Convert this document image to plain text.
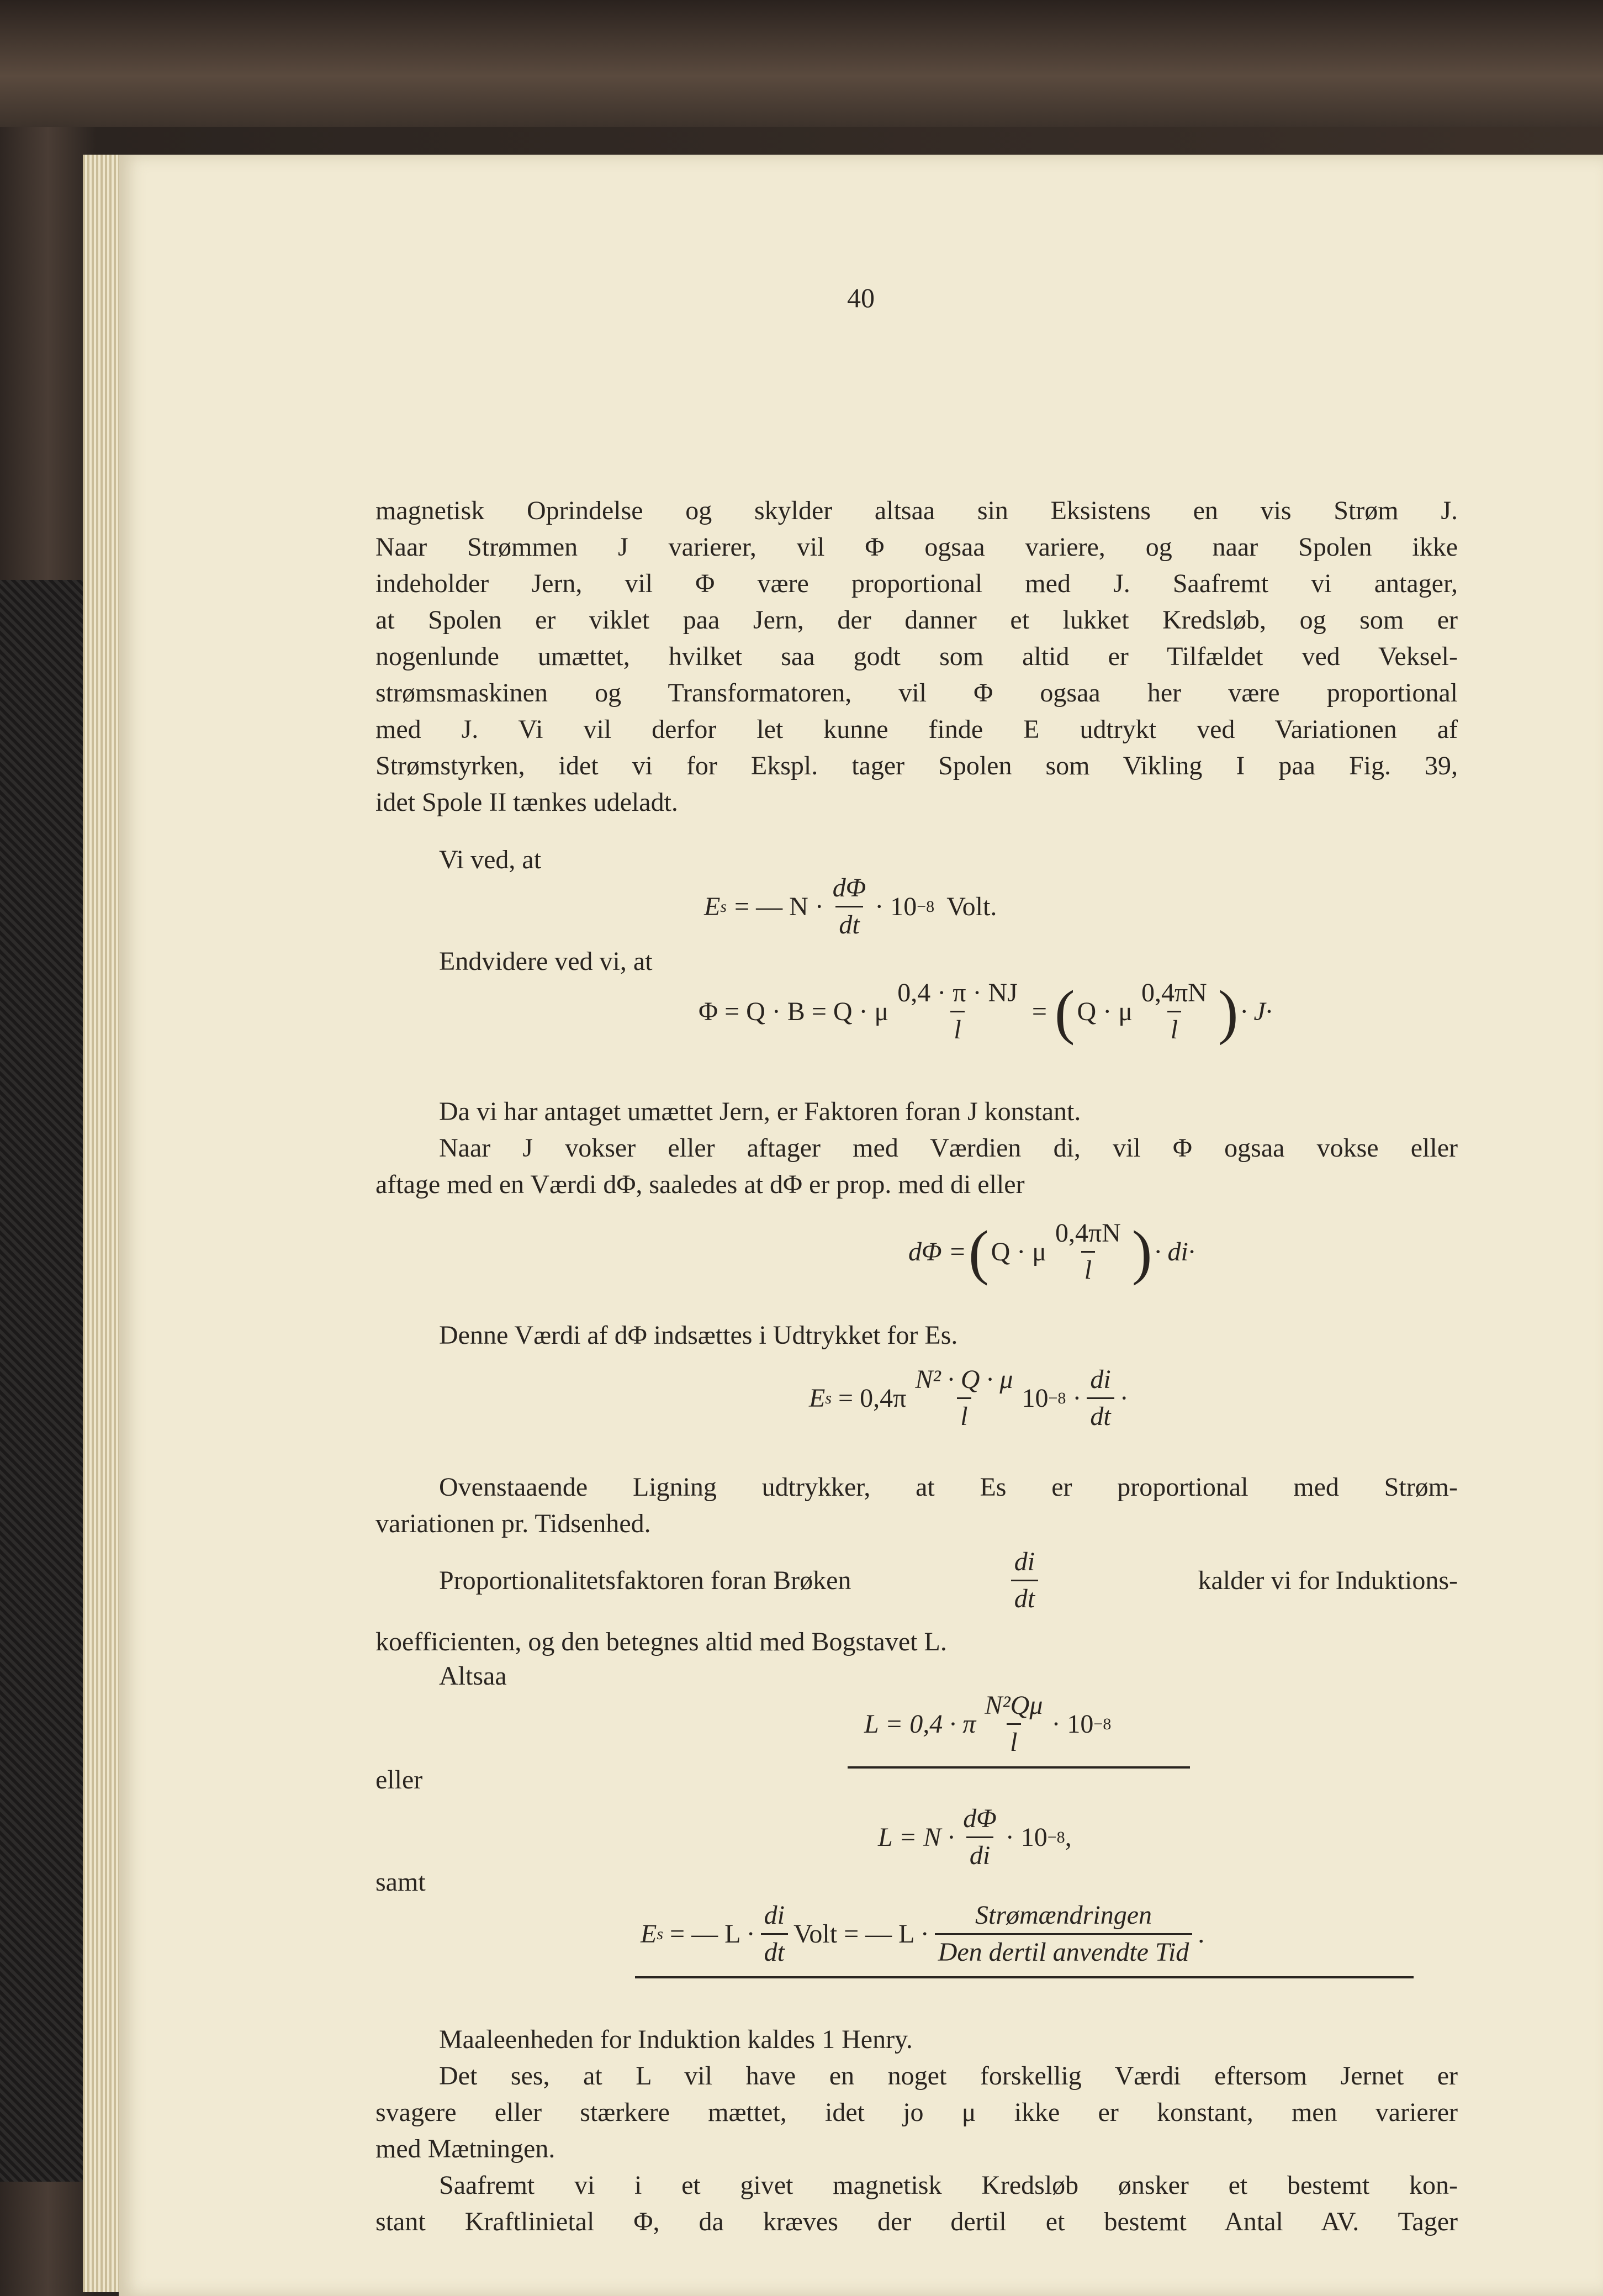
40
magnetisk Oprindelse og skylder altsaa sin Eksistens en vis Strøm J.
Naar Strømmen J varierer, vil Φ ogsaa variere, og naar Spolen ikke
indeholder Jern, vil Φ være proportional med J. Saafremt vi antager,
at Spolen er viklet paa Jern, der danner et lukket Kredsløb, og som er
nogenlunde umættet, hvilket saa godt som altid er Tilfældet ved Veksel-
strømsmaskinen og Transformatoren, vil Φ ogsaa her være proportional
med J. Vi vil derfor let kunne finde E udtrykt ved Variationen af
Strømstyrken, idet vi for Ekspl. tager Spolen som Vikling I paa Fig. 39,
idet Spole II tænkes udeladt.
Vi ved, at
E s = — $N \cdot \frac{d\Phi}{dt} \cdot 10 -8$ Volt.
Endvidere ved vi, at
Φ = Q · B = Q · μ $\frac{0,4 \cdot \pi \cdot NJ}{l}$ = ( Q · μ $\frac{0,4\pi N}{l}$ ) · J·
Da vi har antaget umættet Jern, er Faktoren foran J konstant.
Naar J vokser eller aftager med Værdien di, vil Φ ogsaa vokse eller
aftage med en Værdi dΦ, saaledes at dΦ er prop. med di eller
dΦ = ( Q · μ $\frac{0,4\pi N}{l}$ ) · di·
Denne Værdi af dΦ indsættes i Udtrykket for Es.
E $s = 0,4\pi \frac{\text{N² · Q · μ}}{l} 10 -8 \cdot \frac{di}{dt}$ ·
Ovenstaaende Ligning udtrykker, at Es er proportional med Strøm-
variationen pr. Tidsenhed.
Proportionalitetsfaktoren foran Brøken	$\frac{di}{dt}$	kalder vi for Induktions-
koefficienten, og den betegnes altid med Bogstavet L.
Altsaa
L = 0,4 · π $\frac{\text{N²Qμ}}{l} \cdot 10 -8$
eller
$L = N \cdot \frac{d\Phi}{di} \cdot 10 -8$ ,
samt
E s = — $L \cdot \frac{di}{dt}$ Volt = — $L \cdot \frac{\text{Strømændringen}}{\text{Den dertil anvendte Tid}}$ .
Maaleenheden for Induktion kaldes 1 Henry.
Det ses, at L vil have en noget forskellig Værdi eftersom Jernet er
svagere eller stærkere mættet, idet jo μ ikke er konstant, men varierer
med Mætningen.
Saafremt vi i et givet magnetisk Kredsløb ønsker et bestemt kon-
stant Kraftlinietal Φ, da kræves der dertil et bestemt Antal AV. Tager
